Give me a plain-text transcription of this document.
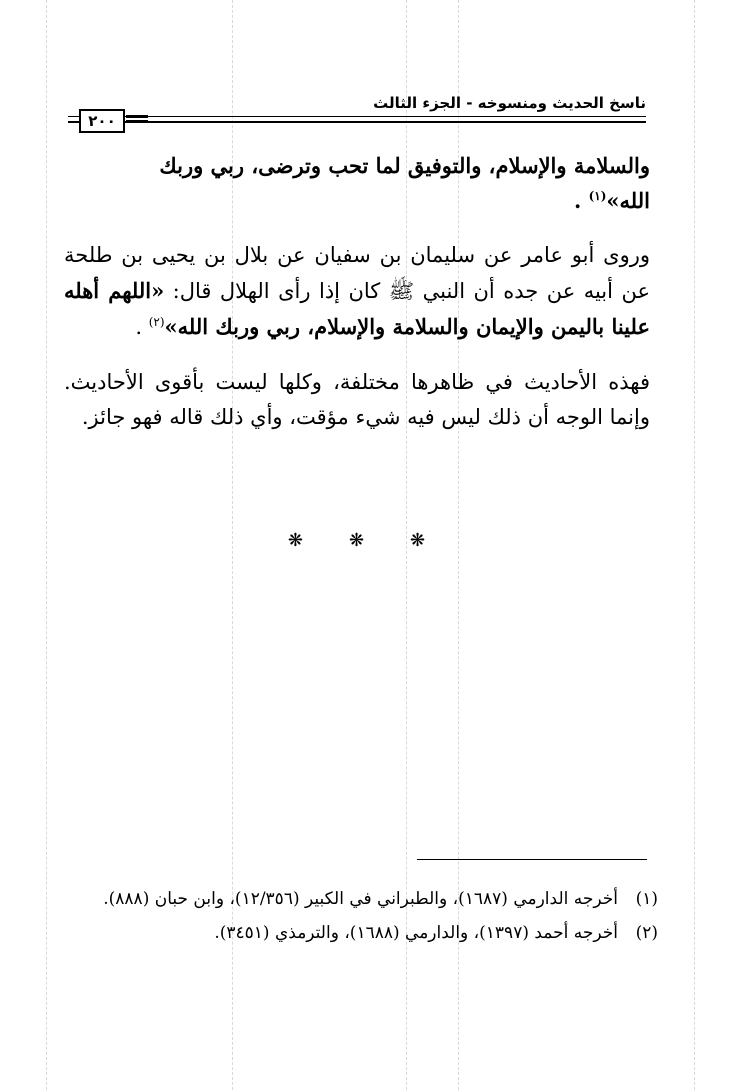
ناسخ الحديث ومنسوخه - الجزء الثالث
٢٠٠

والسلامة والإسلام، والتوفيق لما تحب وترضى، ربي وربك
الله»$^{(١)}$ .

وروى أبو عامر عن سليمان بن سفيان عن بلال بن يحيى بن طلحة عن أبيه عن جده أن النبي ﷺ كان إذا رأى الهلال قال: «اللهم أهله علينا باليمن والإيمان والسلامة والإسلام، ربي وربك الله»$^{(٢)}$ .

فهذه الأحاديث في ظاهرها مختلفة، وكلها ليست بأقوى الأحاديث. وإنما الوجه أن ذلك ليس فيه شيء مؤقت، وأي ذلك قاله فهو جائز.

❋❋❋

(١)
أخرجه الدارمي (١٦٨٧)، والطبراني في الكبير (١٢/٣٥٦)، وابن حبان (٨٨٨).

(٢)
أخرجه أحمد (١٣٩٧)، والدارمي (١٦٨٨)، والترمذي (٣٤٥١).
